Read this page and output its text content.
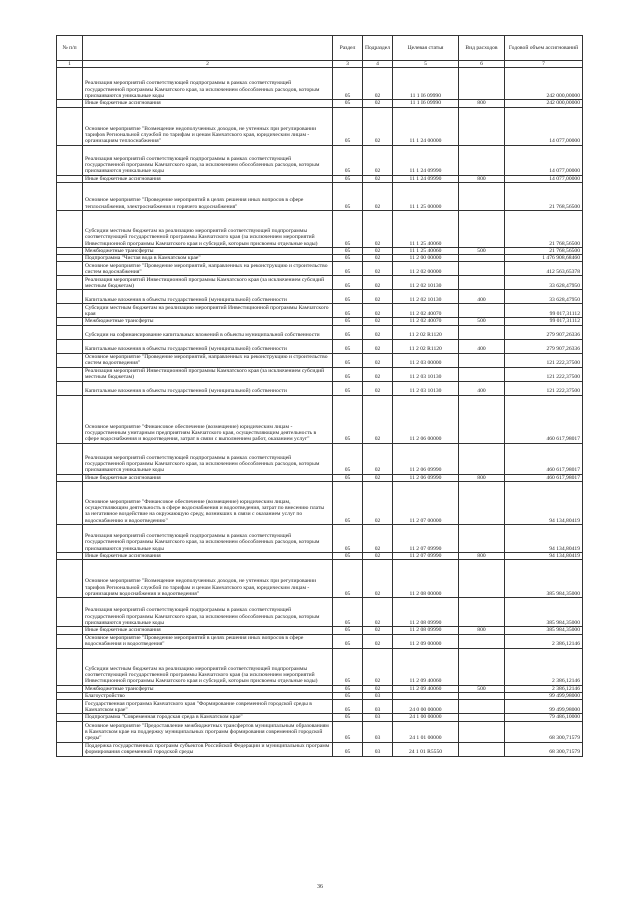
№ п/п		Раздел	Подраздел	Целевая статья	Вид расходов	Годовой объем ассигнований
1	2	3	4	5	6	7
	Реализация мероприятий соответствующей подпрограммы в рамках соответствующей государственной программы Камчатского края, за исключением обособленных расходов, которым присваиваются уникальные коды	05	02	11 1 I6 09990		242 000,00000
	Иные бюджетные ассигнования	05	02	11 1 I6 09990	800	242 000,00000
	Основное мероприятие "Возмещение недополученных доходов, не учтенных при регулировании тарифов Региональной службой по тарифам и ценам Камчатского края, юридическим лицам - организациям теплоснабжения"	05	02	11 1 24 00000		14 077,00000
	Реализация мероприятий соответствующей подпрограммы в рамках соответствующей государственной программы Камчатского края, за исключением обособленных расходов, которым присваиваются уникальные коды	05	02	11 1 24 09990		14 077,00000
	Иные бюджетные ассигнования	05	02	11 1 24 09990	800	14 077,00000
	Основное мероприятие "Проведение мероприятий в целях решения иных вопросов в сфере теплоснабжения, электроснабжения и горячего водоснабжения"	05	02	11 1 25 00000		21 768,56500
	Субсидии местным бюджетам на реализацию мероприятий соответствующей подпрограммы соответствующей государственной программы Камчатского края (за исключением мероприятий Инвестиционной программы Камчатского края и субсидий, которым присвоены отдельные коды)	05	02	11 1 25 40060		21 768,56500
	Межбюджетные трансферты	05	02	11 1 25 40060	500	21 768,56500
	Подпрограмма "Чистая вода в Камчатском крае"	05	02	11 2 00 00000		1 476 908,68460
	Основное мероприятие "Проведение мероприятий, направленных на реконструкцию и строительство систем водоснабжения"	05	02	11 2 02 00000		412 563,65378
	Реализация мероприятий Инвестиционной программы Камчатского края (за исключением субсидий местным бюджетам)	05	02	11 2 02 10130		33 628,47950
	Капитальные вложения в объекты государственной (муниципальной) собственности	05	02	11 2 02 10130	400	33 628,47950
	Субсидии местным бюджетам на реализацию мероприятий Инвестиционной программы Камчатского края	05	02	11 2 02 40070		99 017,31112
	Межбюджетные трансферты	05	02	11 2 02 40070	500	99 017,31112
	Субсидии на софинансирование капитальных вложений в объекты муниципальной собственности	05	02	11 2 02 R1120		279 907,26336
	Капитальные вложения в объекты государственной (муниципальной) собственности	05	02	11 2 02 R1120	400	279 907,26336
	Основное мероприятие "Проведение мероприятий, направленных на реконструкцию и строительство систем водоотведения"	05	02	11 2 03 00000		121 222,37500
	Реализация мероприятий Инвестиционной программы Камчатского края (за исключением субсидий местным бюджетам)	05	02	11 2 03 10130		121 222,37500
	Капитальные вложения в объекты государственной (муниципальной) собственности	05	02	11 2 03 10130	400	121 222,37500
	Основное мероприятие "Финансовое обеспечение (возмещение) юридическим лицам - государственным унитарным предприятиям Камчатского края, осуществляющим деятельность в сфере водоснабжения и водоотведения, затрат в связи с выполнением работ, оказанием услуг"	05	02	11 2 06 00000		460 617,98017
	Реализация мероприятий соответствующей подпрограммы в рамках соответствующей государственной программы Камчатского края, за исключением обособленных расходов, которым присваиваются уникальные коды	05	02	11 2 06 09990		460 617,98017
	Иные бюджетные ассигнования	05	02	11 2 06 09990	800	460 617,98017
	Основное мероприятие "Финансовое обеспечение (возмещение) юридическим лицам, осуществляющим деятельность в сфере водоснабжения и водоотведения, затрат по внесению платы за негативное воздействие на окружающую среду, возникших в связи с оказанием услуг по водоснабжению и водоотведению"	05	02	11 2 07 00000		94 134,80419
	Реализация мероприятий соответствующей подпрограммы в рамках соответствующей государственной программы Камчатского края, за исключением обособленных расходов, которым присваиваются уникальные коды	05	02	11 2 07 09990		94 134,80419
	Иные бюджетные ассигнования	05	02	11 2 07 09990	800	94 134,80419
	Основное мероприятие "Возмещение недополученных доходов, не учтенных при регулировании тарифов Региональной службой по тарифам и ценам Камчатского края, юридическим лицам - организациям водоснабжения и водоотведения"	05	02	11 2 08 00000		385 984,35000
	Реализация мероприятий соответствующей подпрограммы в рамках соответствующей государственной программы Камчатского края, за исключением обособленных расходов, которым присваиваются уникальные коды	05	02	11 2 08 09990		385 984,35000
	Иные бюджетные ассигнования	05	02	11 2 08 09990	800	385 984,35000
	Основное мероприятие "Проведение мероприятий в целях решения иных вопросов в сфере водоснабжения и водоотведения"	05	02	11 2 09 00000		2 386,12146
	Субсидии местным бюджетам на реализацию мероприятий соответствующей подпрограммы соответствующей государственной программы Камчатского края (за исключением мероприятий Инвестиционной программы Камчатского края и субсидий, которым присвоены отдельные коды)	05	02	11 2 09 40060		2 386,12146
	Межбюджетные трансферты	05	02	11 2 09 40060	500	2 386,12146
	Благоустройство	05	03			99 499,98000
	Государственная программа Камчатского края "Формирование современной городской среды в Камчатском крае"	05	03	24 0 00 00000		99 499,98000
	Подпрограмма "Современная городская среда в Камчатском крае"	05	03	24 1 00 00000		79 486,10000
	Основное мероприятие "Предоставление межбюджетных трансфертов муниципальным образованиям в Камчатском крае на поддержку муниципальных программ формирования современной городской среды"	05	03	24 1 01 00000		68 300,71579
	Поддержка государственных программ субъектов Российской Федерации и муниципальных программ формирования современной городской среды	05	03	24 1 01 R5550		68 300,71579
36
